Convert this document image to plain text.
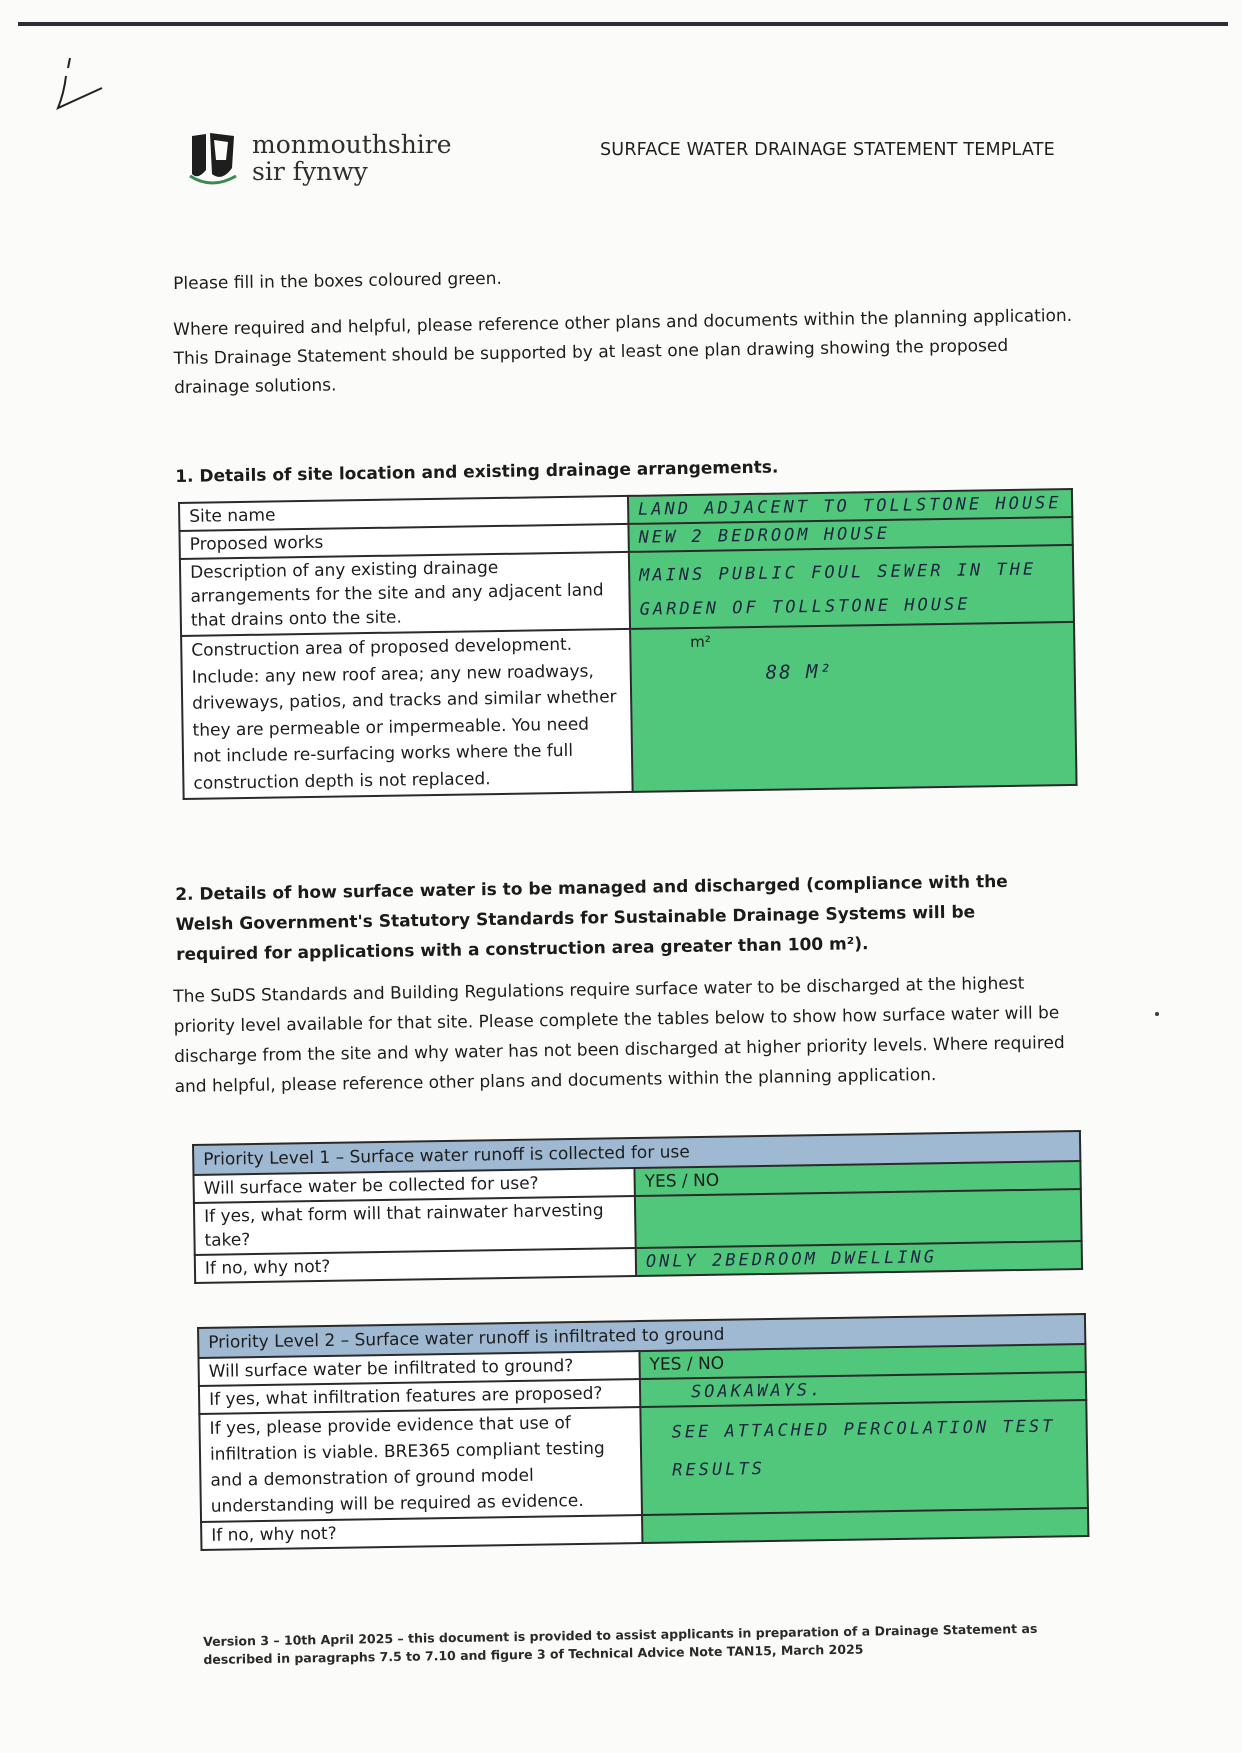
monmouthshire
sir fynwy
SURFACE WATER DRAINAGE STATEMENT TEMPLATE
Please fill in the boxes coloured green.
Where required and helpful, please reference other plans and documents within the planning application. This Drainage Statement should be supported by at least one plan drawing showing the proposed drainage solutions.
1. Details of site location and existing drainage arrangements.
Site name	LAND ADJACENT TO TOLLSTONE HOUSE
Proposed works	NEW 2 BEDROOM HOUSE
Description of any existing drainage arrangements for the site and any adjacent land that drains onto the site.	MAINS PUBLIC FOUL SEWER IN THE GARDEN OF TOLLSTONE HOUSE
Construction area of proposed development. Include: any new roof area; any new roadways, driveways, patios, and tracks and similar whether they are permeable or impermeable. You need not include re-surfacing works where the full construction depth is not replaced.	m²
88 M²
2. Details of how surface water is to be managed and discharged (compliance with the Welsh Government's Statutory Standards for Sustainable Drainage Systems will be required for applications with a construction area greater than 100 m²).
The SuDS Standards and Building Regulations require surface water to be discharged at the highest priority level available for that site. Please complete the tables below to show how surface water will be discharge from the site and why water has not been discharged at higher priority levels. Where required and helpful, please reference other plans and documents within the planning application.
Priority Level 1 – Surface water runoff is collected for use	
Will surface water be collected for use?	YES / NO
If yes, what form will that rainwater harvesting take?	
If no, why not?	ONLY 2BEDROOM DWELLING
Priority Level 2 – Surface water runoff is infiltrated to ground	
Will surface water be infiltrated to ground?	YES / NO
If yes, what infiltration features are proposed?	SOAKAWAYS.
If yes, please provide evidence that use of infiltration is viable. BRE365 compliant testing and a demonstration of ground model understanding will be required as evidence.	SEE ATTACHED PERCOLATION TEST RESULTS
If no, why not?	
Version 3 – 10th April 2025 – this document is provided to assist applicants in preparation of a Drainage Statement as described in paragraphs 7.5 to 7.10 and figure 3 of Technical Advice Note TAN15, March 2025
